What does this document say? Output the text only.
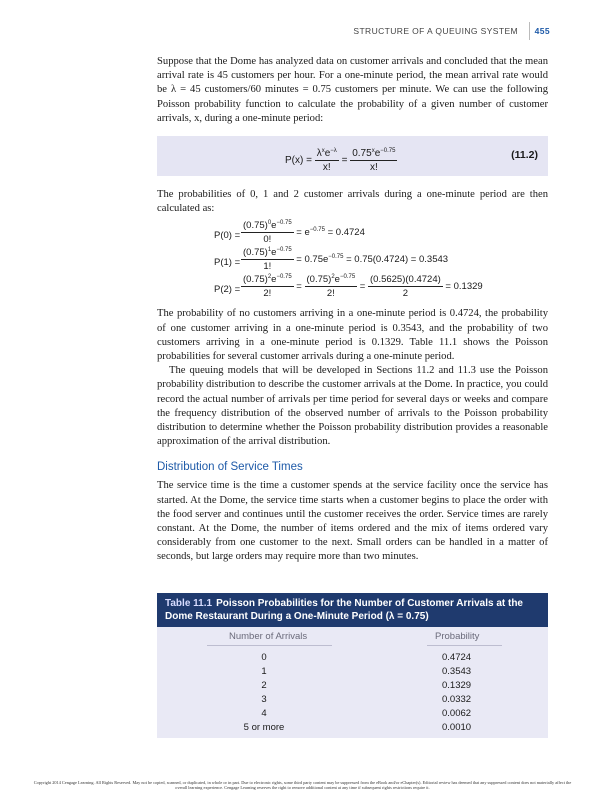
STRUCTURE OF A QUEUING SYSTEM 455

Suppose that the Dome has analyzed data on customer arrivals and concluded that the mean arrival rate is 45 customers per hour. For a one-minute period, the mean arrival rate would be λ = 45 customers/60 minutes = 0.75 customers per minute. We can use the following Poisson probability function to calculate the probability of a given number of customer arrivals, x, during a one-minute period:

$P(x) = \frac{\lambda^xe^{-\lambda}}{x!} = \frac{0.75^xe^{-0.75}}{x!}$	(11.2)

The probabilities of 0, 1 and 2 customer arrivals during a one-minute period are then calculated as:

$P(0) = \frac{(0.75)^0e^{-0.75}}{0!} = e^{-0.75} = 0.4724$
$P(1) = \frac{(0.75)^1e^{-0.75}}{1!} = 0.75e^{-0.75} = 0.75(0.4724) = 0.3543$
$P(2) = \frac{(0.75)^2e^{-0.75}}{2!} = \frac{(0.75)^2e^{-0.75}}{2!} = \frac{(0.5625)(0.4724)}{2} = 0.1329$

The probability of no customers arriving in a one-minute period is 0.4724, the probability of one customer arriving in a one-minute period is 0.3543, and the probability of two customers arriving in a one-minute period is 0.1329. Table 11.1 shows the Poisson probabilities for several customer arrivals during a one-minute period.

The queuing models that will be developed in Sections 11.2 and 11.3 use the Poisson probability distribution to describe the customer arrivals at the Dome. In practice, you could record the actual number of arrivals per time period for several days or weeks and compare the frequency distribution of the observed number of arrivals to the Poisson probability distribution to determine whether the Poisson probability distribution provides a reasonable approximation of the arrival distribution.

Distribution of Service Times

The service time is the time a customer spends at the service facility once the service has started. At the Dome, the service time starts when a customer begins to place the order with the food server and continues until the customer receives the order. Service times are rarely constant. At the Dome, the number of items ordered and the mix of items ordered vary considerably from one customer to the next. Small orders can be handled in a matter of seconds, but large orders may require more than two minutes.

Table 11.1 Poisson Probabilities for the Number of Customer Arrivals at the Dome Restaurant During a One-Minute Period (λ = 0.75)
Number of Arrivals	Probability
0	0.4724
1	0.3543
2	0.1329
3	0.0332
4	0.0062
5 or more	0.0010
Copyright 2014 Cengage Learning. All Rights Reserved. May not be copied, scanned, or duplicated, in whole or in part. Due to electronic rights, some third party content may be suppressed from the eBook and/or eChapter(s). Editorial review has deemed that any suppressed content does not materially affect the overall learning experience. Cengage Learning reserves the right to remove additional content at any time if subsequent rights restrictions require it.
